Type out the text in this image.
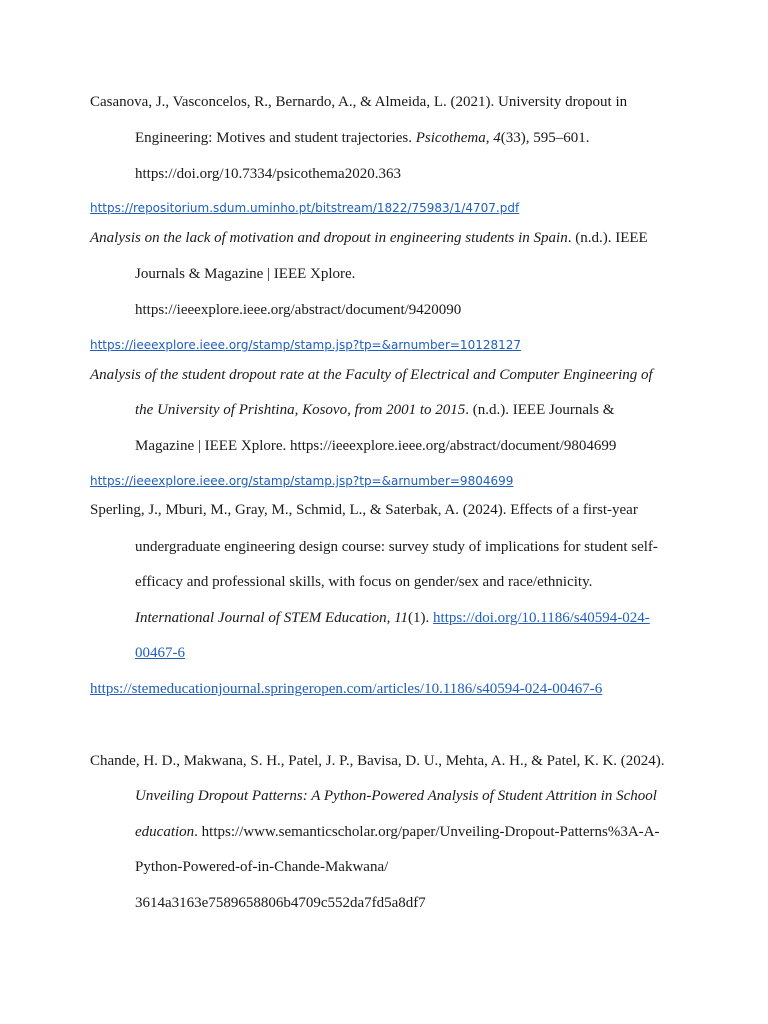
Casanova, J., Vasconcelos, R., Bernardo, A., & Almeida, L. (2021). University dropout in
Engineering: Motives and student trajectories. Psicothema, 4(33), 595–601.
https://doi.org/10.7334/psicothema2020.363
https://repositorium.sdum.uminho.pt/bitstream/1822/75983/1/4707.pdf
Analysis on the lack of motivation and dropout in engineering students in Spain. (n.d.). IEEE
Journals & Magazine | IEEE Xplore.
https://ieeexplore.ieee.org/abstract/document/9420090
https://ieeexplore.ieee.org/stamp/stamp.jsp?tp=&arnumber=10128127
Analysis of the student dropout rate at the Faculty of Electrical and Computer Engineering of
the University of Prishtina, Kosovo, from 2001 to 2015. (n.d.). IEEE Journals &
Magazine | IEEE Xplore. https://ieeexplore.ieee.org/abstract/document/9804699
https://ieeexplore.ieee.org/stamp/stamp.jsp?tp=&arnumber=9804699
Sperling, J., Mburi, M., Gray, M., Schmid, L., & Saterbak, A. (2024). Effects of a first-year
undergraduate engineering design course: survey study of implications for student self-
efficacy and professional skills, with focus on gender/sex and race/ethnicity.
International Journal of STEM Education, 11(1). https://doi.org/10.1186/s40594-024-
00467-6
https://stemeducationjournal.springeropen.com/articles/10.1186/s40594-024-00467-6
Chande, H. D., Makwana, S. H., Patel, J. P., Bavisa, D. U., Mehta, A. H., & Patel, K. K. (2024).
Unveiling Dropout Patterns: A Python-Powered Analysis of Student Attrition in School
education. https://www.semanticscholar.org/paper/Unveiling-Dropout-Patterns%3A-A-
Python-Powered-of-in-Chande-Makwana/
3614a3163e7589658806b4709c552da7fd5a8df7
